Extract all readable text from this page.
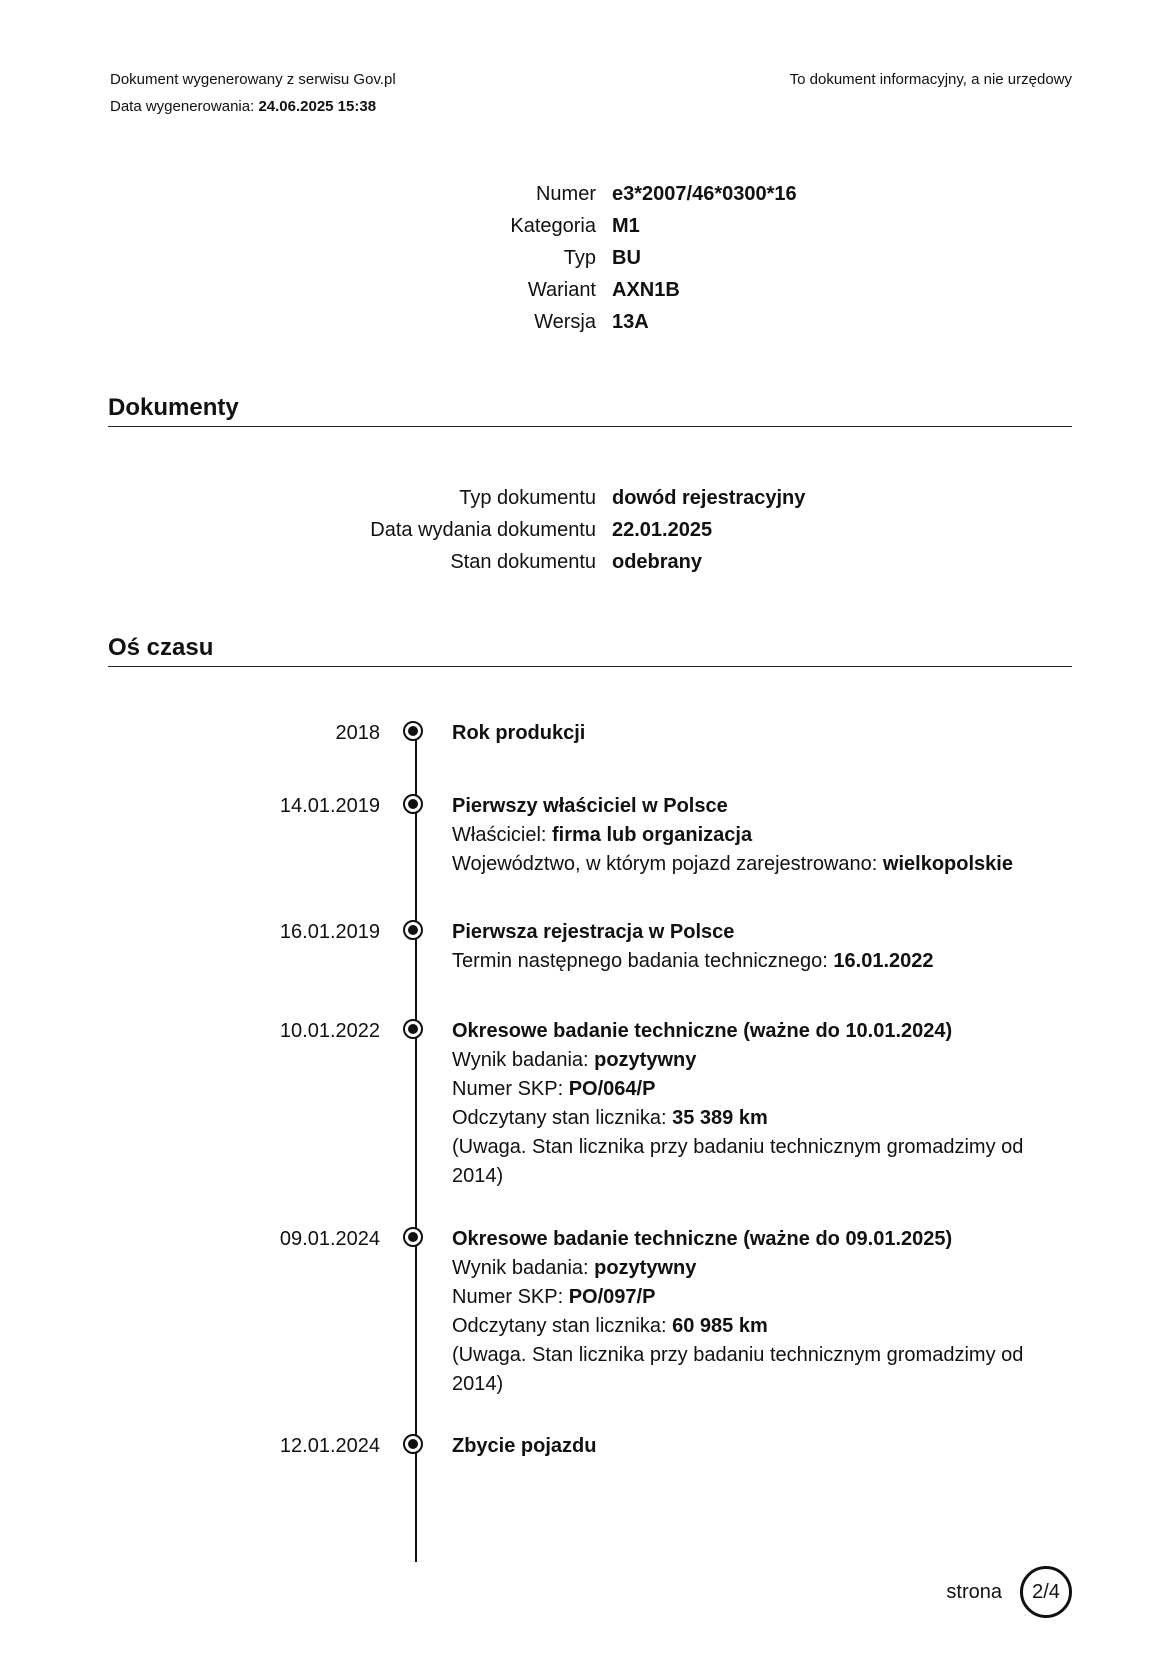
Dokument wygenerowany z serwisu Gov.pl
Data wygenerowania: 24.06.2025 15:38
To dokument informacyjny, a nie urzędowy
Numer e3*2007/46*0300*16
Kategoria M1
Typ BU
Wariant AXN1B
Wersja 13A
Dokumenty
Typ dokumentu dowód rejestracyjny
Data wydania dokumentu 22.01.2025
Stan dokumentu odebrany
Oś czasu
2018	Rok produkcji
14.01.2019	Pierwszy właściciel w Polsce
Właściciel: firma lub organizacja
Województwo, w którym pojazd zarejestrowano: wielkopolskie
16.01.2019	Pierwsza rejestracja w Polsce
Termin następnego badania technicznego: 16.01.2022
10.01.2022	Okresowe badanie techniczne (ważne do 10.01.2024)
Wynik badania: pozytywny
Numer SKP: PO/064/P
Odczytany stan licznika: 35 389 km
(Uwaga. Stan licznika przy badaniu technicznym gromadzimy od 2014)
09.01.2024	Okresowe badanie techniczne (ważne do 09.01.2025)
Wynik badania: pozytywny
Numer SKP: PO/097/P
Odczytany stan licznika: 60 985 km
(Uwaga. Stan licznika przy badaniu technicznym gromadzimy od 2014)
12.01.2024	Zbycie pojazdu
strona	2/4
